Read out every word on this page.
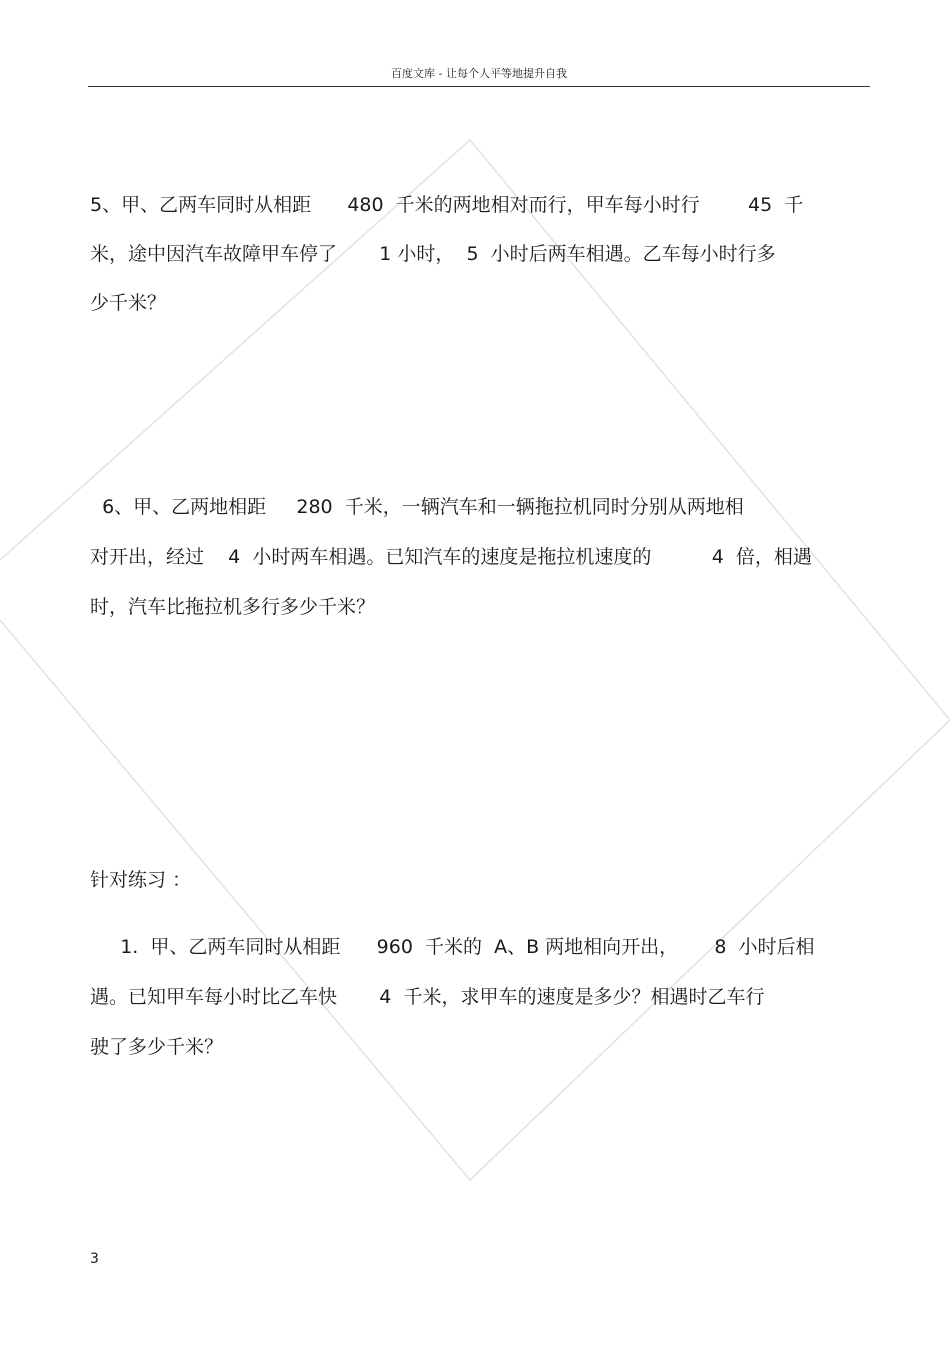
百度文库 - 让每个人平等地提升自我
5、甲、乙两车同时从相距      480  千米的两地相对而行，甲车每小时行        45  千
米，途中因汽车故障甲车停了       1 小时，  5  小时后两车相遇。乙车每小时行多
少千米？
6、甲、乙两地相距     280  千米，一辆汽车和一辆拖拉机同时分别从两地相
对开出，经过    4  小时两车相遇。已知汽车的速度是拖拉机速度的          4  倍，相遇
时，汽车比拖拉机多行多少千米？
针对练习 ：
1.  甲、乙两车同时从相距      960  千米的  A、B 两地相向开出，      8  小时后相
遇。已知甲车每小时比乙车快       4  千米，求甲车的速度是多少？相遇时乙车行
驶了多少千米？
3
